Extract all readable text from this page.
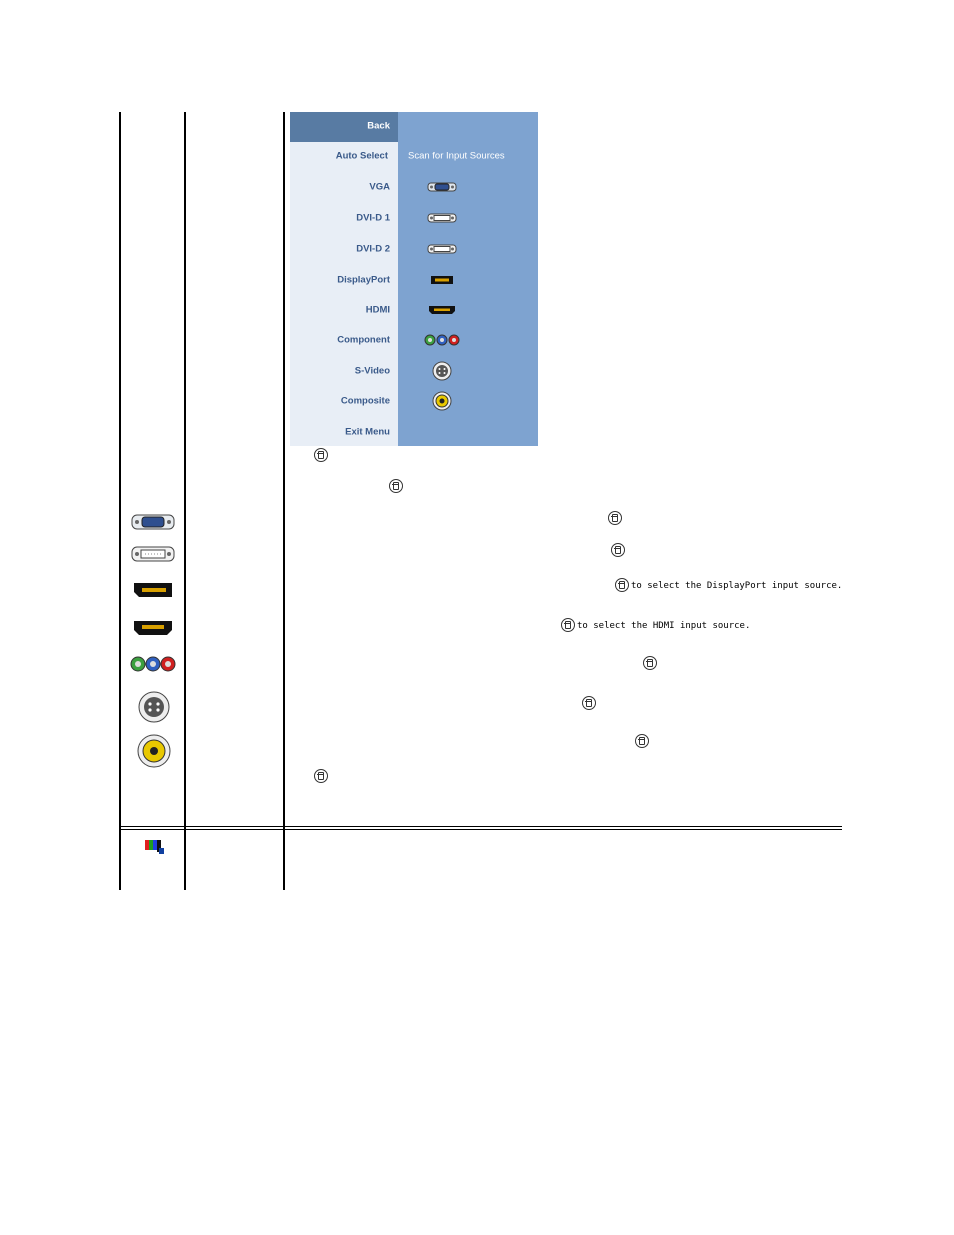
Back
Auto Select Scan for Input Sources
VGA
DVI-D 1
DVI-D 2
DisplayPort
HDMI
Component
S-Video
Composite
Exit Menu
to select the DisplayPort input source.
to select the HDMI input source.
